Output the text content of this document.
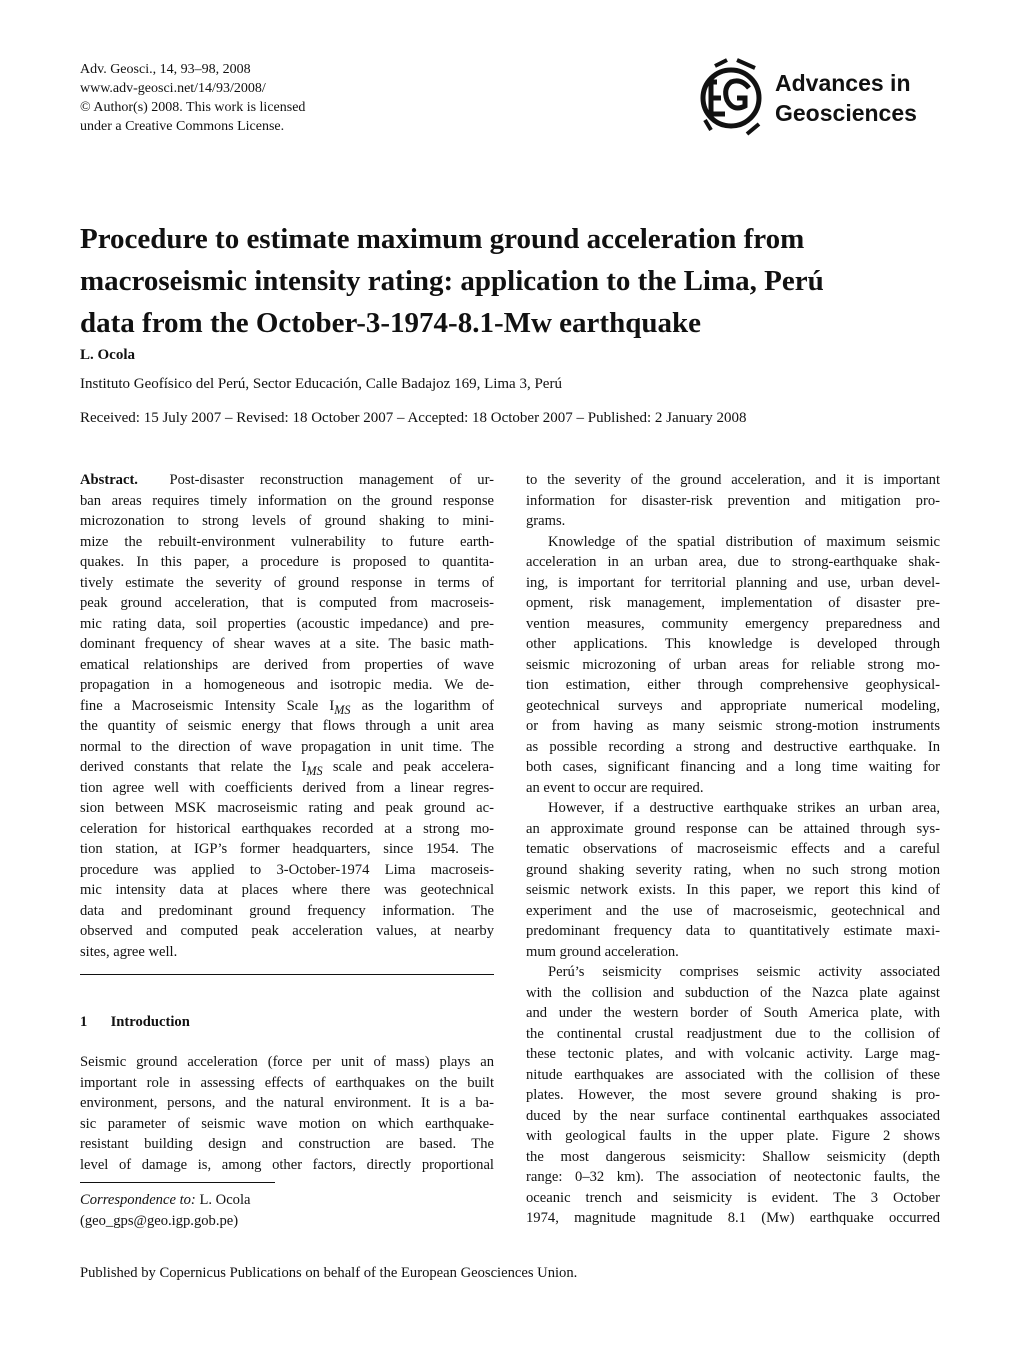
Adv. Geosci., 14, 93–98, 2008
www.adv-geosci.net/14/93/2008/
© Author(s) 2008. This work is licensed
under a Creative Commons License.
Advances in
Geosciences
Procedure to estimate maximum ground acceleration from
macroseismic intensity rating: application to the Lima, Perú
data from the October-3-1974-8.1-Mw earthquake
L. Ocola
Instituto Geofísico del Perú, Sector Educación, Calle Badajoz 169, Lima 3, Perú
Received: 15 July 2007 – Revised: 18 October 2007 – Accepted: 18 October 2007 – Published: 2 January 2008
Abstract. Post-disaster reconstruction management of ur-
ban areas requires timely information on the ground response
microzonation to strong levels of ground shaking to mini-
mize the rebuilt-environment vulnerability to future earth-
quakes. In this paper, a procedure is proposed to quantita-
tively estimate the severity of ground response in terms of
peak ground acceleration, that is computed from macroseis-
mic rating data, soil properties (acoustic impedance) and pre-
dominant frequency of shear waves at a site. The basic math-
ematical relationships are derived from properties of wave
propagation in a homogeneous and isotropic media. We de-
fine a Macroseismic Intensity Scale $I_{MS}$ as the logarithm of
the quantity of seismic energy that flows through a unit area
normal to the direction of wave propagation in unit time. The
derived constants that relate the $I_{MS}$ scale and peak accelera-
tion agree well with coefficients derived from a linear regres-
sion between MSK macroseismic rating and peak ground ac-
celeration for historical earthquakes recorded at a strong mo-
tion station, at IGP’s former headquarters, since 1954. The
procedure was applied to 3-October-1974 Lima macroseis-
mic intensity data at places where there was geotechnical
data and predominant ground frequency information. The
observed and computed peak acceleration values, at nearby
sites, agree well.
1 Introduction
Seismic ground acceleration (force per unit of mass) plays an
important role in assessing effects of earthquakes on the built
environment, persons, and the natural environment. It is a ba-
sic parameter of seismic wave motion on which earthquake-
resistant building design and construction are based. The
level of damage is, among other factors, directly proportional
Correspondence to: L. Ocola
(geo_gps@geo.igp.gob.pe)
to the severity of the ground acceleration, and it is important
information for disaster-risk prevention and mitigation pro-
grams.
Knowledge of the spatial distribution of maximum seismic
acceleration in an urban area, due to strong-earthquake shak-
ing, is important for territorial planning and use, urban devel-
opment, risk management, implementation of disaster pre-
vention measures, community emergency preparedness and
other applications. This knowledge is developed through
seismic microzoning of urban areas for reliable strong mo-
tion estimation, either through comprehensive geophysical-
geotechnical surveys and appropriate numerical modeling,
or from having as many seismic strong-motion instruments
as possible recording a strong and destructive earthquake. In
both cases, significant financing and a long time waiting for
an event to occur are required.
However, if a destructive earthquake strikes an urban area,
an approximate ground response can be attained through sys-
tematic observations of macroseismic effects and a careful
ground shaking severity rating, when no such strong motion
seismic network exists. In this paper, we report this kind of
experiment and the use of macroseismic, geotechnical and
predominant frequency data to quantitatively estimate maxi-
mum ground acceleration.
Perú’s seismicity comprises seismic activity associated
with the collision and subduction of the Nazca plate against
and under the western border of South America plate, with
the continental crustal readjustment due to the collision of
these tectonic plates, and with volcanic activity. Large mag-
nitude earthquakes are associated with the collision of these
plates. However, the most severe ground shaking is pro-
duced by the near surface continental earthquakes associated
with geological faults in the upper plate. Figure 2 shows
the most dangerous seismicity: Shallow seismicity (depth
range: 0–32 km). The association of neotectonic faults, the
oceanic trench and seismicity is evident. The 3 October
1974, magnitude magnitude 8.1 (Mw) earthquake occurred
Published by Copernicus Publications on behalf of the European Geosciences Union.
